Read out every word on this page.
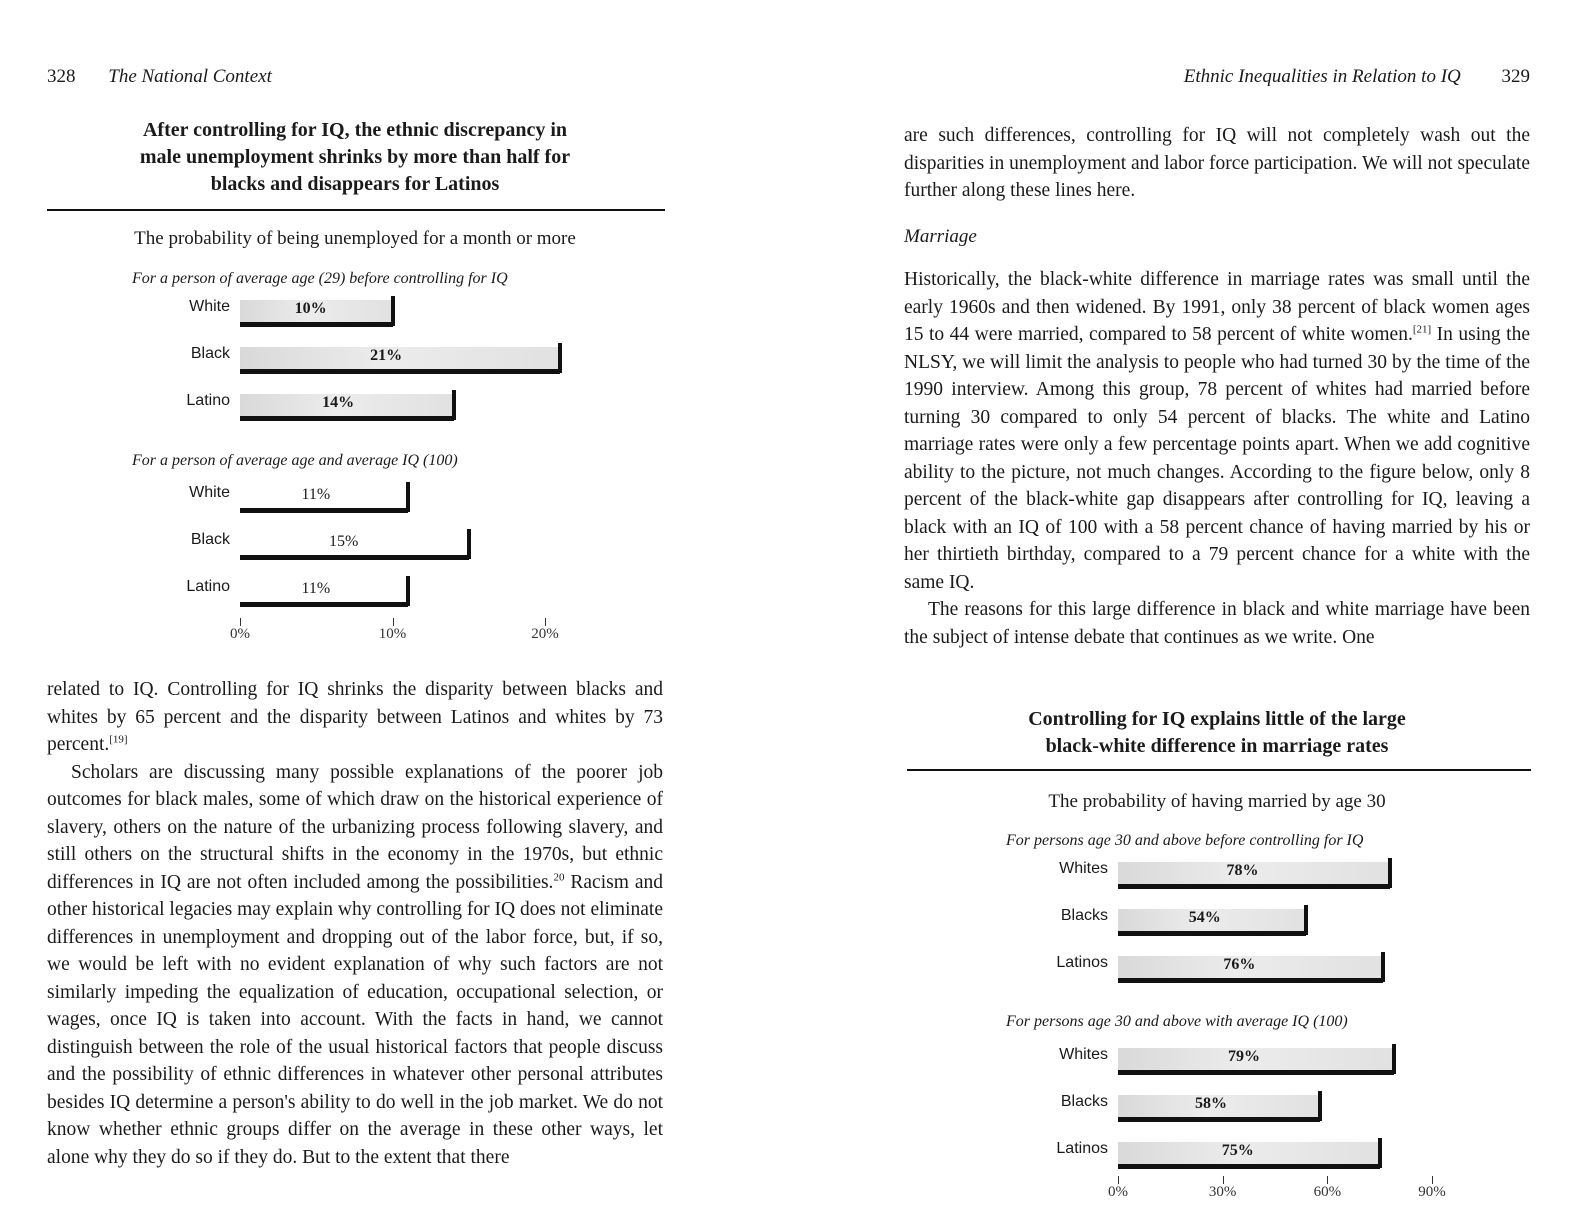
328 The National Context
After controlling for IQ, the ethnic discrepancy in
male unemployment shrinks by more than half for
blacks and disappears for Latinos
The probability of being unemployed for a month or more
For a person of average age (29) before controlling for IQ
For a person of average age and average IQ (100)
White	10%
Black	21%
Latino	14%
White	11%
Black	15%
Latino	11%
0%	10%	20%

related to IQ. Controlling for IQ shrinks the disparity between blacks and whites by 65 percent and the disparity between Latinos and whites by 73 percent.[19]

Scholars are discussing many possible explanations of the poorer job outcomes for black males, some of which draw on the historical experience of slavery, others on the nature of the urbanizing process following slavery, and still others on the structural shifts in the economy in the 1970s, but ethnic differences in IQ are not often included among the possibilities.$^{20}$ Racism and other historical legacies may explain why controlling for IQ does not eliminate differences in unemployment and dropping out of the labor force, but, if so, we would be left with no evident explanation of why such factors are not similarly impeding the equalization of education, occupational selection, or wages, once IQ is taken into account. With the facts in hand, we cannot distinguish between the role of the usual historical factors that people discuss and the possibility of ethnic differences in whatever other personal attributes besides IQ determine a person's ability to do well in the job market. We do not know whether ethnic groups differ on the average in these other ways, let alone why they do so if they do. But to the extent that there

Ethnic Inequalities in Relation to IQ 329

are such differences, controlling for IQ will not completely wash out the disparities in unemployment and labor force participation. We will not speculate further along these lines here.

Marriage

Historically, the black-white difference in marriage rates was small until the early 1960s and then widened. By 1991, only 38 percent of black women ages 15 to 44 were married, compared to 58 percent of white women.[21] In using the NLSY, we will limit the analysis to people who had turned 30 by the time of the 1990 interview. Among this group, 78 percent of whites had married before turning 30 compared to only 54 percent of blacks. The white and Latino marriage rates were only a few percentage points apart. When we add cognitive ability to the picture, not much changes. According to the figure below, only 8 percent of the black-white gap disappears after controlling for IQ, leaving a black with an IQ of 100 with a 58 percent chance of having married by his or her thirtieth birthday, compared to a 79 percent chance for a white with the same IQ.

The reasons for this large difference in black and white marriage have been the subject of intense debate that continues as we write. One

Controlling for IQ explains little of the large
black-white difference in marriage rates
The probability of having married by age 30
For persons age 30 and above before controlling for IQ
For persons age 30 and above with average IQ (100)
Whites	78%
Blacks	54%
Latinos	76%
Whites	79%
Blacks	58%
Latinos	75%
0%	30%	60%	90%
